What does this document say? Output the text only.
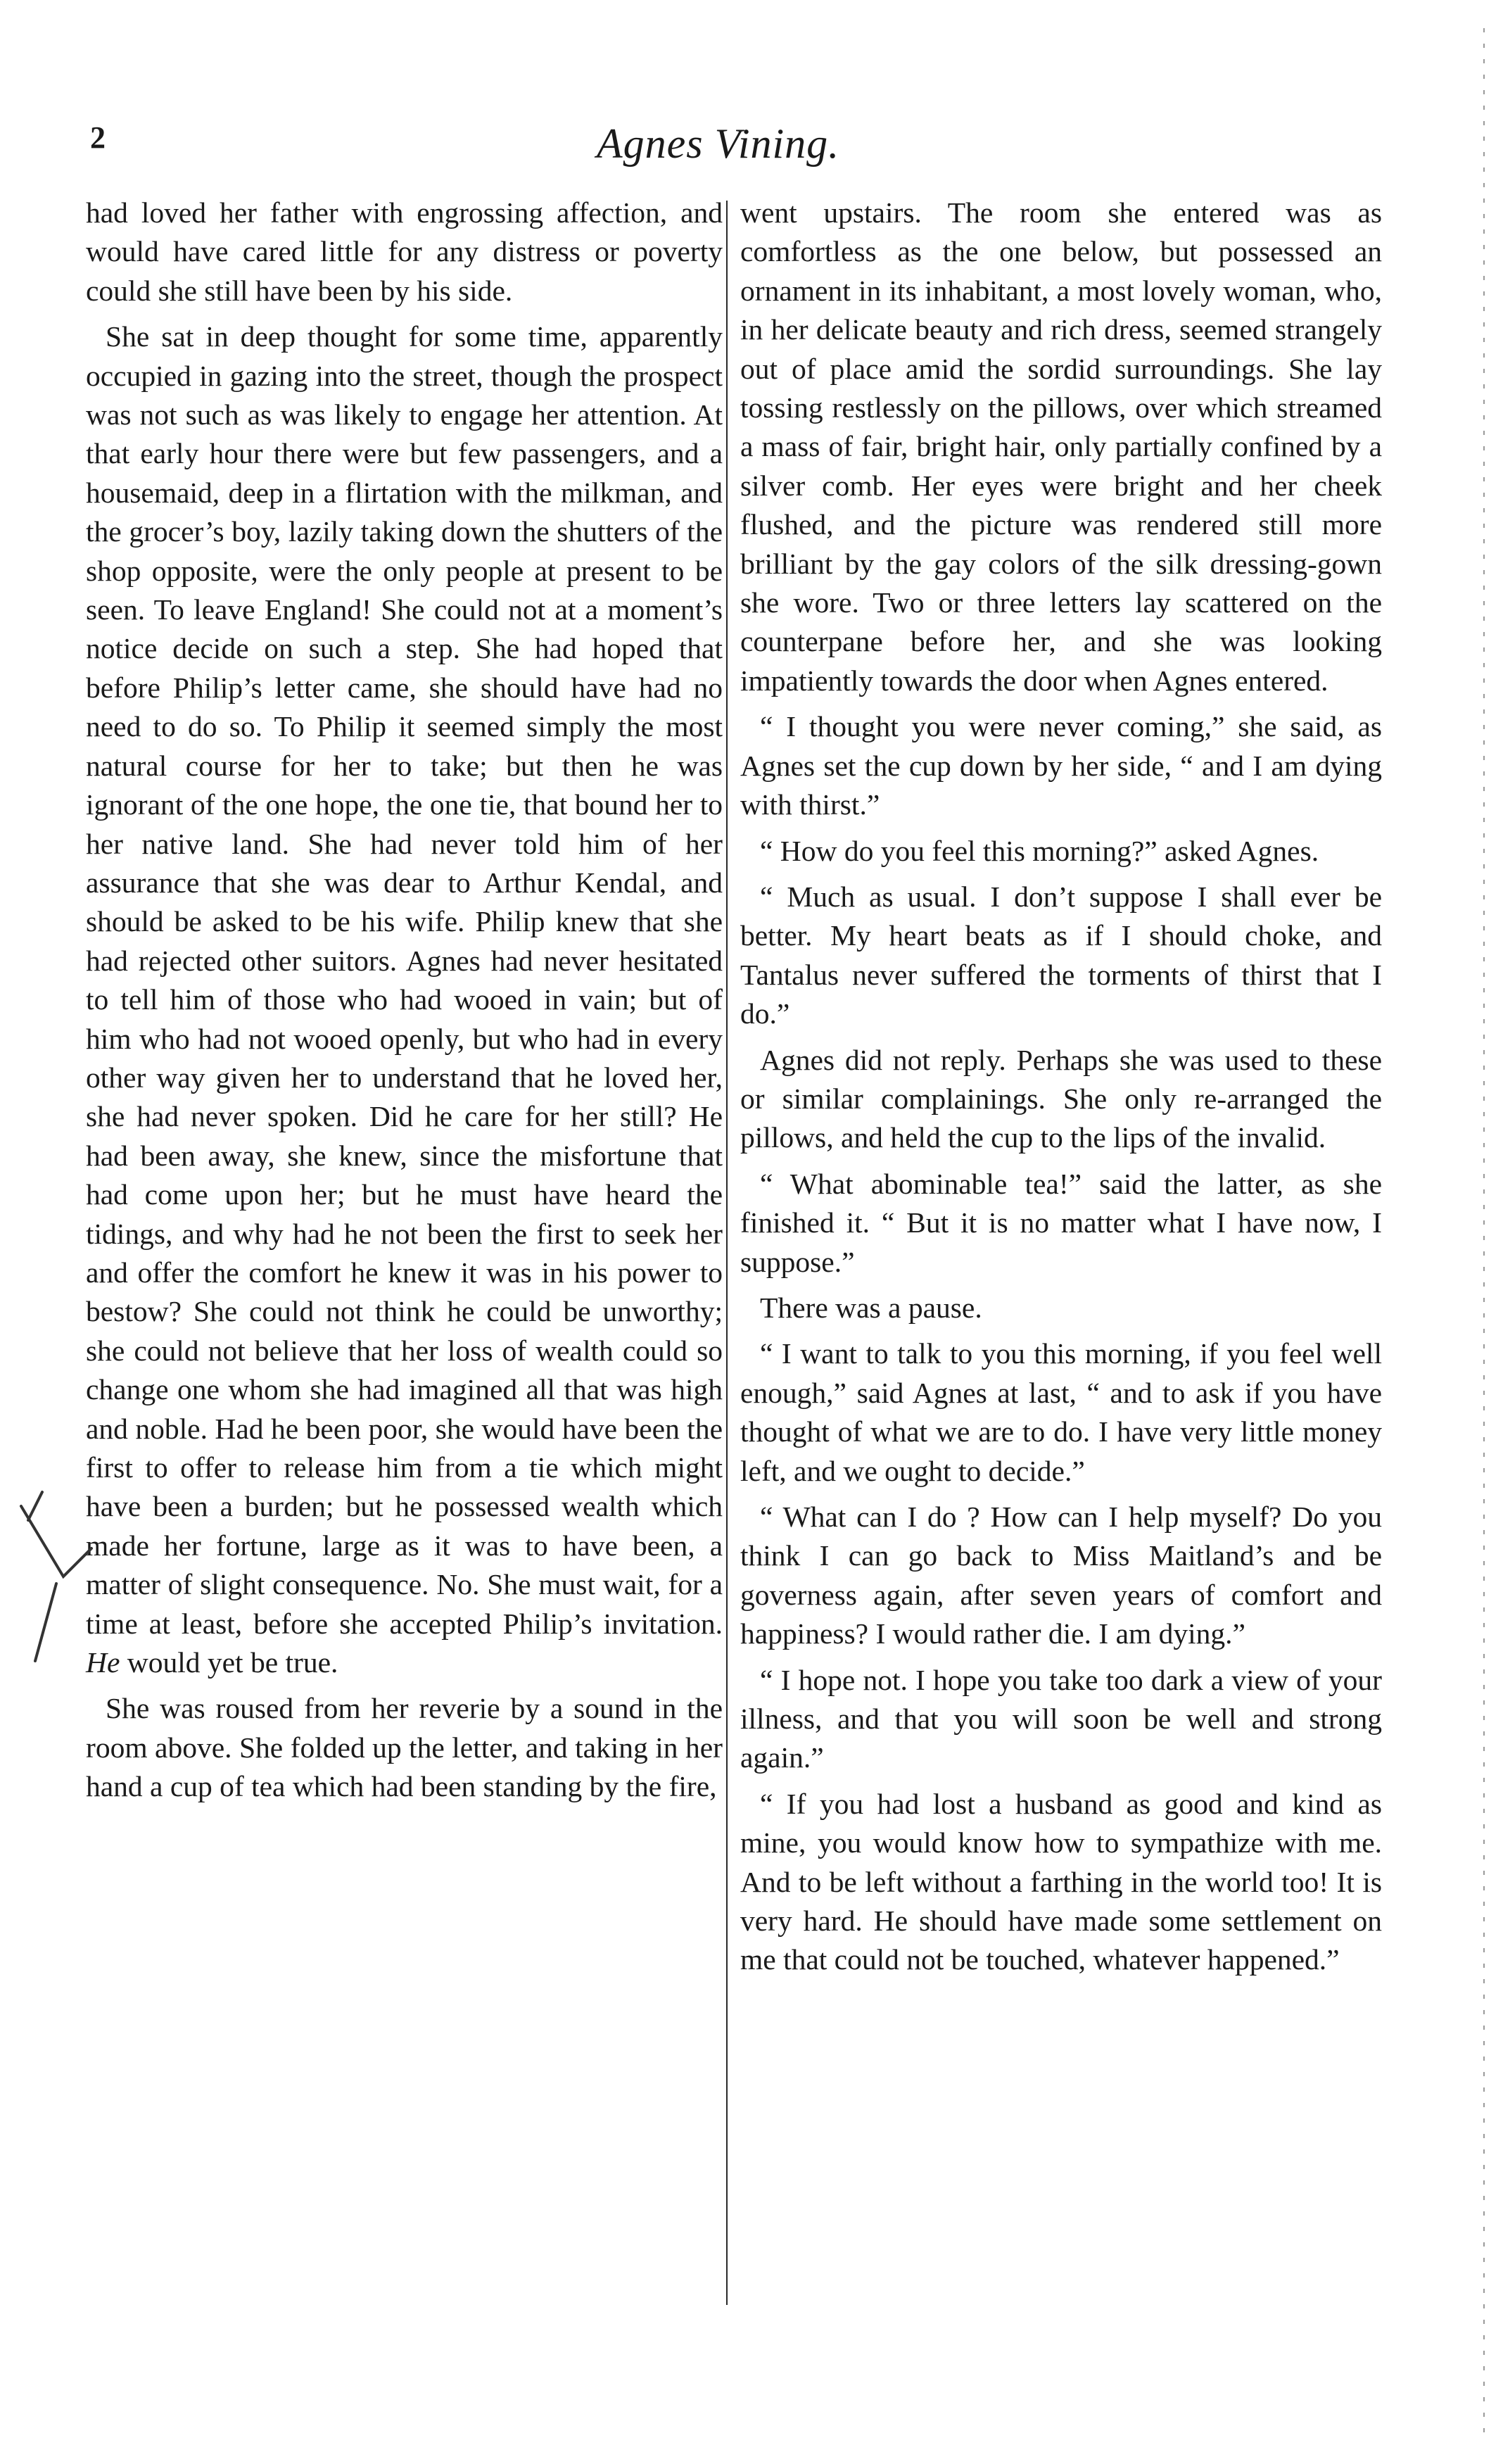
2	Agnes Vining.

had loved her father with engrossing affection, and would have cared little for any distress or poverty could she still have been by his side.

She sat in deep thought for some time, apparently occupied in gazing into the street, though the prospect was not such as was likely to engage her attention. At that early hour there were but few passengers, and a housemaid, deep in a flirtation with the milkman, and the grocer’s boy, lazily taking down the shutters of the shop opposite, were the only people at present to be seen. To leave England! She could not at a moment’s notice decide on such a step. She had hoped that before Philip’s letter came, she should have had no need to do so. To Philip it seemed simply the most natural course for her to take; but then he was ignorant of the one hope, the one tie, that bound her to her native land. She had never told him of her assurance that she was dear to Arthur Kendal, and should be asked to be his wife. Philip knew that she had rejected other suitors. Agnes had never hesitated to tell him of those who had wooed in vain; but of him who had not wooed openly, but who had in every other way given her to understand that he loved her, she had never spoken. Did he care for her still? He had been away, she knew, since the misfortune that had come upon her; but he must have heard the tidings, and why had he not been the first to seek her and offer the comfort he knew it was in his power to bestow? She could not think he could be unworthy; she could not believe that her loss of wealth could so change one whom she had imagined all that was high and noble. Had he been poor, she would have been the first to offer to release him from a tie which might have been a burden; but he possessed wealth which made her fortune, large as it was to have been, a matter of slight consequence. No. She must wait, for a time at least, before she accepted Philip’s invitation. He would yet be true.

She was roused from her reverie by a sound in the room above. She folded up the letter, and taking in her hand a cup of tea which had been standing by the fire,

went upstairs. The room she entered was as comfortless as the one below, but possessed an ornament in its inhabitant, a most lovely woman, who, in her delicate beauty and rich dress, seemed strangely out of place amid the sordid surroundings. She lay tossing restlessly on the pillows, over which streamed a mass of fair, bright hair, only partially confined by a silver comb. Her eyes were bright and her cheek flushed, and the picture was rendered still more brilliant by the gay colors of the silk dressing-gown she wore. Two or three letters lay scattered on the counterpane before her, and she was looking impatiently towards the door when Agnes entered.

“ I thought you were never coming,” she said, as Agnes set the cup down by her side, “ and I am dying with thirst.”

“ How do you feel this morning?” asked Agnes.

“ Much as usual. I don’t suppose I shall ever be better. My heart beats as if I should choke, and Tantalus never suffered the torments of thirst that I do.”

Agnes did not reply. Perhaps she was used to these or similar complainings. She only re-arranged the pillows, and held the cup to the lips of the invalid.

“ What abominable tea!” said the latter, as she finished it. “ But it is no matter what I have now, I suppose.”

There was a pause.

“ I want to talk to you this morning, if you feel well enough,” said Agnes at last, “ and to ask if you have thought of what we are to do. I have very little money left, and we ought to decide.”

“ What can I do ? How can I help myself? Do you think I can go back to Miss Maitland’s and be governess again, after seven years of comfort and happiness? I would rather die. I am dying.”

“ I hope not. I hope you take too dark a view of your illness, and that you will soon be well and strong again.”

“ If you had lost a husband as good and kind as mine, you would know how to sympathize with me. And to be left without a farthing in the world too! It is very hard. He should have made some settlement on me that could not be touched, whatever happened.”
